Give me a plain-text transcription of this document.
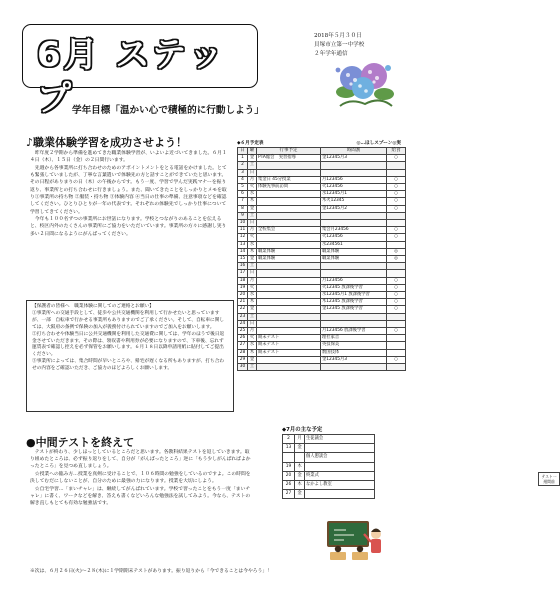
6月 ステップ
2018年５月３０日
貝塚市立第一中学校
２年学年通信
学年目標「温かい心で積極的に行動しよう」
♪職業体験学習を成功させよう！

昨年度２学期から準備を進めてきた職業体験学習が、いよいよ近づいてきました。６月１４日（木）、１５日（金）の２日間行います。

先週から各事業所に打ち合わせのためのアポイントメントをとる電話をかけました。とても緊張していましたが、丁寧な言葉遣いで体験先の方と話すことができていたと思います。その日程がありまりの日（木）の午後からです。もう一度、学習で学んだ実践マナーを振り返り、事業所との打ち合わせに行きましょう。また、聞いてきたことをしっかりとメモを取り①事業所の持ち物 ②服装・持ち物 ③体験内容 ④当日の仕事の準備、注意事項などを確認してください。ひとりひとりが一年の代表です。それぞれの体験先でしっかり仕事について学習してきてください。

今年も１００名ずつの事業所にお世話になります。学校とつながりのあることを伝えると、校区内外のたくさんの事業所にご協力をいただいています。事業所の方々に感謝し実り多い２日間になるようにがんばってください。

【保護者の皆様へ　職業体験に関してのご連絡とお願い】

①事業所への交通手段として、徒歩や公共交通機関を利用して行かせたいと思っていますが、一部　自転車で行かせる事業所もありますのでご了承ください。そして、自転車に関しては、大阪府の条例で保険の加入が義務付けられていますのでご加入をお願いします。

②打ち合わせや体験当日に公共交通機関を利用した交通費に関しては、学年のほうで後日返金させていただきます。その際は、領収書や利用券が必要になりますので、下車後、忘れず運賃表で確認し控えを必ず保管をお願いします。６月１８日以降申請用紙に貼付してご提出ください。

③事業所によっては、集合時間が早いところや、帰宅が遅くなる所もありますが、打ち合わせの内容をご確認いただき、ご協力のほどよろしくお願いします。

◆６月予定表	◎…ほしスプーン◎実
日	曜	行事予定	時間割	給食
1	金	PTA総会　実習指導	金12345月3	○
2	土			
3	日			
4	月	集金日 45分授業	月123456	○
5	火	体験先事前訪問	火123456	○
6	水		水12345月1	○
7	木		木火12345	○
8	金		金12345月2	○
9	土			
10	日			
11	月	全校集会	集会月23456	○
12	火		火123456	○
13	水		水234561	
14	木	職業体験	職業体験	◎
15	金	職業体験	職業体験	◎
16	土			
17	日			
18	月		月123456	○
19	火		火12345 放課後学習	○
20	水		水12345月1 放課後学習	○
21	木		木12345 放課後学習	○
22	金		金12345 放課後学習	○
23	土			
24	日			
25	月		月123456 放課後学習	○
26	火	期末テスト	理社家音	
27	水	期末テスト	英技保美	
28	木	期末テスト	数国技体	
29	金		金12345月3	○
30	土			
テスト一週間前
◆7月の主な予定
2	月	生徒議会
13	金	
		個人懇談会
19	木	
20	金	終業式
26	木	なかよし教室
27	金	
●中間テストを終えて

テストが終わり、少しほっとしているところだと思います。各教科結果テストを返していきます。取り組めたところは、必ず振り返りをして、自分が「がんばったところ」逆に「もう少しがんばればよかったところ」を見つめ直しましょう。

☆授業への臨み方…授業を真剣に受けることで、１０６時間の勉強をしているのですよ。この時間を決してむだにしないことが、自分のために最強の力になります。授業を大切にしよう。

☆自宅学習…「まいチャレ」は、継続してがんばれています。学校で習ったことをもう一度「まいチャレ」に書く、ワークなどを解き、答えも書くなどいろんな勉強法を試してみよう。今なら、テストの解き直しもとても有効な勉強法です。

※次は、６月２６日(火)〜２８(木)に１学期期末テストがあります。振り返りから「今できることは今やろう」！
